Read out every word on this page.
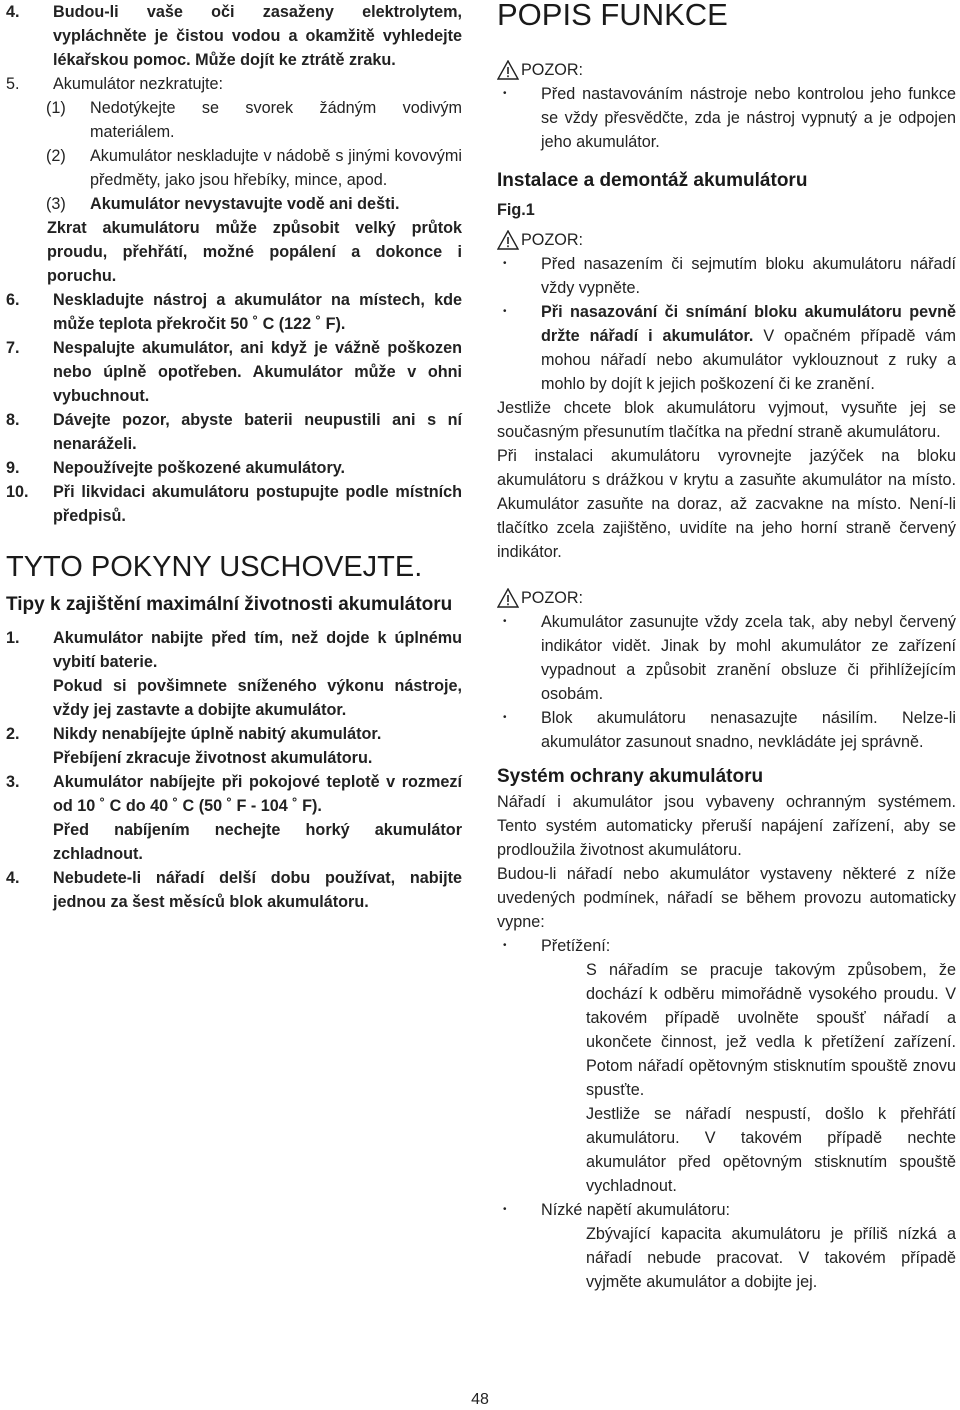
4.	Budou-li vaše oči zasaženy elektrolytem, vypláchněte je čistou vodou a okamžitě vyhledejte lékařskou pomoc. Může dojít ke ztrátě zraku.
5.	Akumulátor nezkratujte:
(1)	Nedotýkejte se svorek žádným vodivým materiálem.
(2)	Akumulátor neskladujte v nádobě s jinými kovovými předměty, jako jsou hřebíky, mince, apod.
(3)	Akumulátor nevystavujte vodě ani dešti.

Zkrat akumulátoru může způsobit velký průtok proudu, přehřátí, možné popálení a dokonce i poruchu.

6.	Neskladujte nástroj a akumulátor na místech, kde může teplota překročit 50 ˚ C (122 ˚ F).
7.	Nespalujte akumulátor, ani když je vážně poškozen nebo úplně opotřeben. Akumulátor může v ohni vybuchnout.
8.	Dávejte pozor, abyste baterii neupustili ani s ní nenaráželi.
9.	Nepoužívejte poškozené akumulátory.
10.	Při likvidaci akumulátoru postupujte podle místních předpisů.
TYTO POKYNY USCHOVEJTE.
Tipy k zajištění maximální životnosti akumulátoru
1.	Akumulátor nabijte před tím, než dojde k úplnému vybití baterie.

Pokud si povšimnete sníženého výkonu nástroje, vždy jej zastavte a dobijte akumulátor.

2.	Nikdy nenabíjejte úplně nabitý akumulátor.

Přebíjení zkracuje životnost akumulátoru.

3.	Akumulátor nabíjejte při pokojové teplotě v rozmezí od 10 ˚ C do 40 ˚ C (50 ˚ F - 104 ˚ F).

Před nabíjením nechejte horký akumulátor zchladnout.

4.	Nebudete-li nářadí delší dobu používat, nabijte jednou za šest měsíců blok akumulátoru.
POPIS FUNKCE
POZOR:
•	Před nastavováním nástroje nebo kontrolou jeho funkce se vždy přesvědčte, zda je nástroj vypnutý a je odpojen jeho akumulátor.
Instalace a demontáž akumulátoru

Fig.1

POZOR:
•	Před nasazením či sejmutím bloku akumulátoru nářadí vždy vypněte.
•	Při nasazování či snímání bloku akumulátoru pevně držte nářadí i akumulátor. V opačném případě vám mohou nářadí nebo akumulátor vyklouznout z ruky a mohlo by dojít k jejich poškození či ke zranění.

Jestliže chcete blok akumulátoru vyjmout, vysuňte jej se současným přesunutím tlačítka na přední straně akumulátoru.

Při instalaci akumulátoru vyrovnejte jazýček na bloku akumulátoru s drážkou v krytu a zasuňte akumulátor na místo. Akumulátor zasuňte na doraz, až zacvakne na místo. Není-li tlačítko zcela zajištěno, uvidíte na jeho horní straně červený indikátor.

POZOR:
•	Akumulátor zasunujte vždy zcela tak, aby nebyl červený indikátor vidět. Jinak by mohl akumulátor ze zařízení vypadnout a způsobit zranění obsluze či přihlížejícím osobám.
•	Blok akumulátoru nenasazujte násilím. Nelze-li akumulátor zasunout snadno, nevkládáte jej správně.
Systém ochrany akumulátoru

Nářadí i akumulátor jsou vybaveny ochranným systémem. Tento systém automaticky přeruší napájení zařízení, aby se prodloužila životnost akumulátoru.

Budou-li nářadí nebo akumulátor vystaveny některé z níže uvedených podmínek, nářadí se během provozu automaticky vypne:

•	Přetížení:

S nářadím se pracuje takovým způsobem, že dochází k odběru mimořádně vysokého proudu. V takovém případě uvolněte spoušť nářadí a ukončete činnost, jež vedla k přetížení zařízení. Potom nářadí opětovným stisknutím spouště znovu spusťte.

Jestliže se nářadí nespustí, došlo k přehřátí akumulátoru. V takovém případě nechte akumulátor před opětovným stisknutím spouště vychladnout.

•	Nízké napětí akumulátoru:

Zbývající kapacita akumulátoru je příliš nízká a nářadí nebude pracovat. V takovém případě vyjměte akumulátor a dobijte jej.

48
